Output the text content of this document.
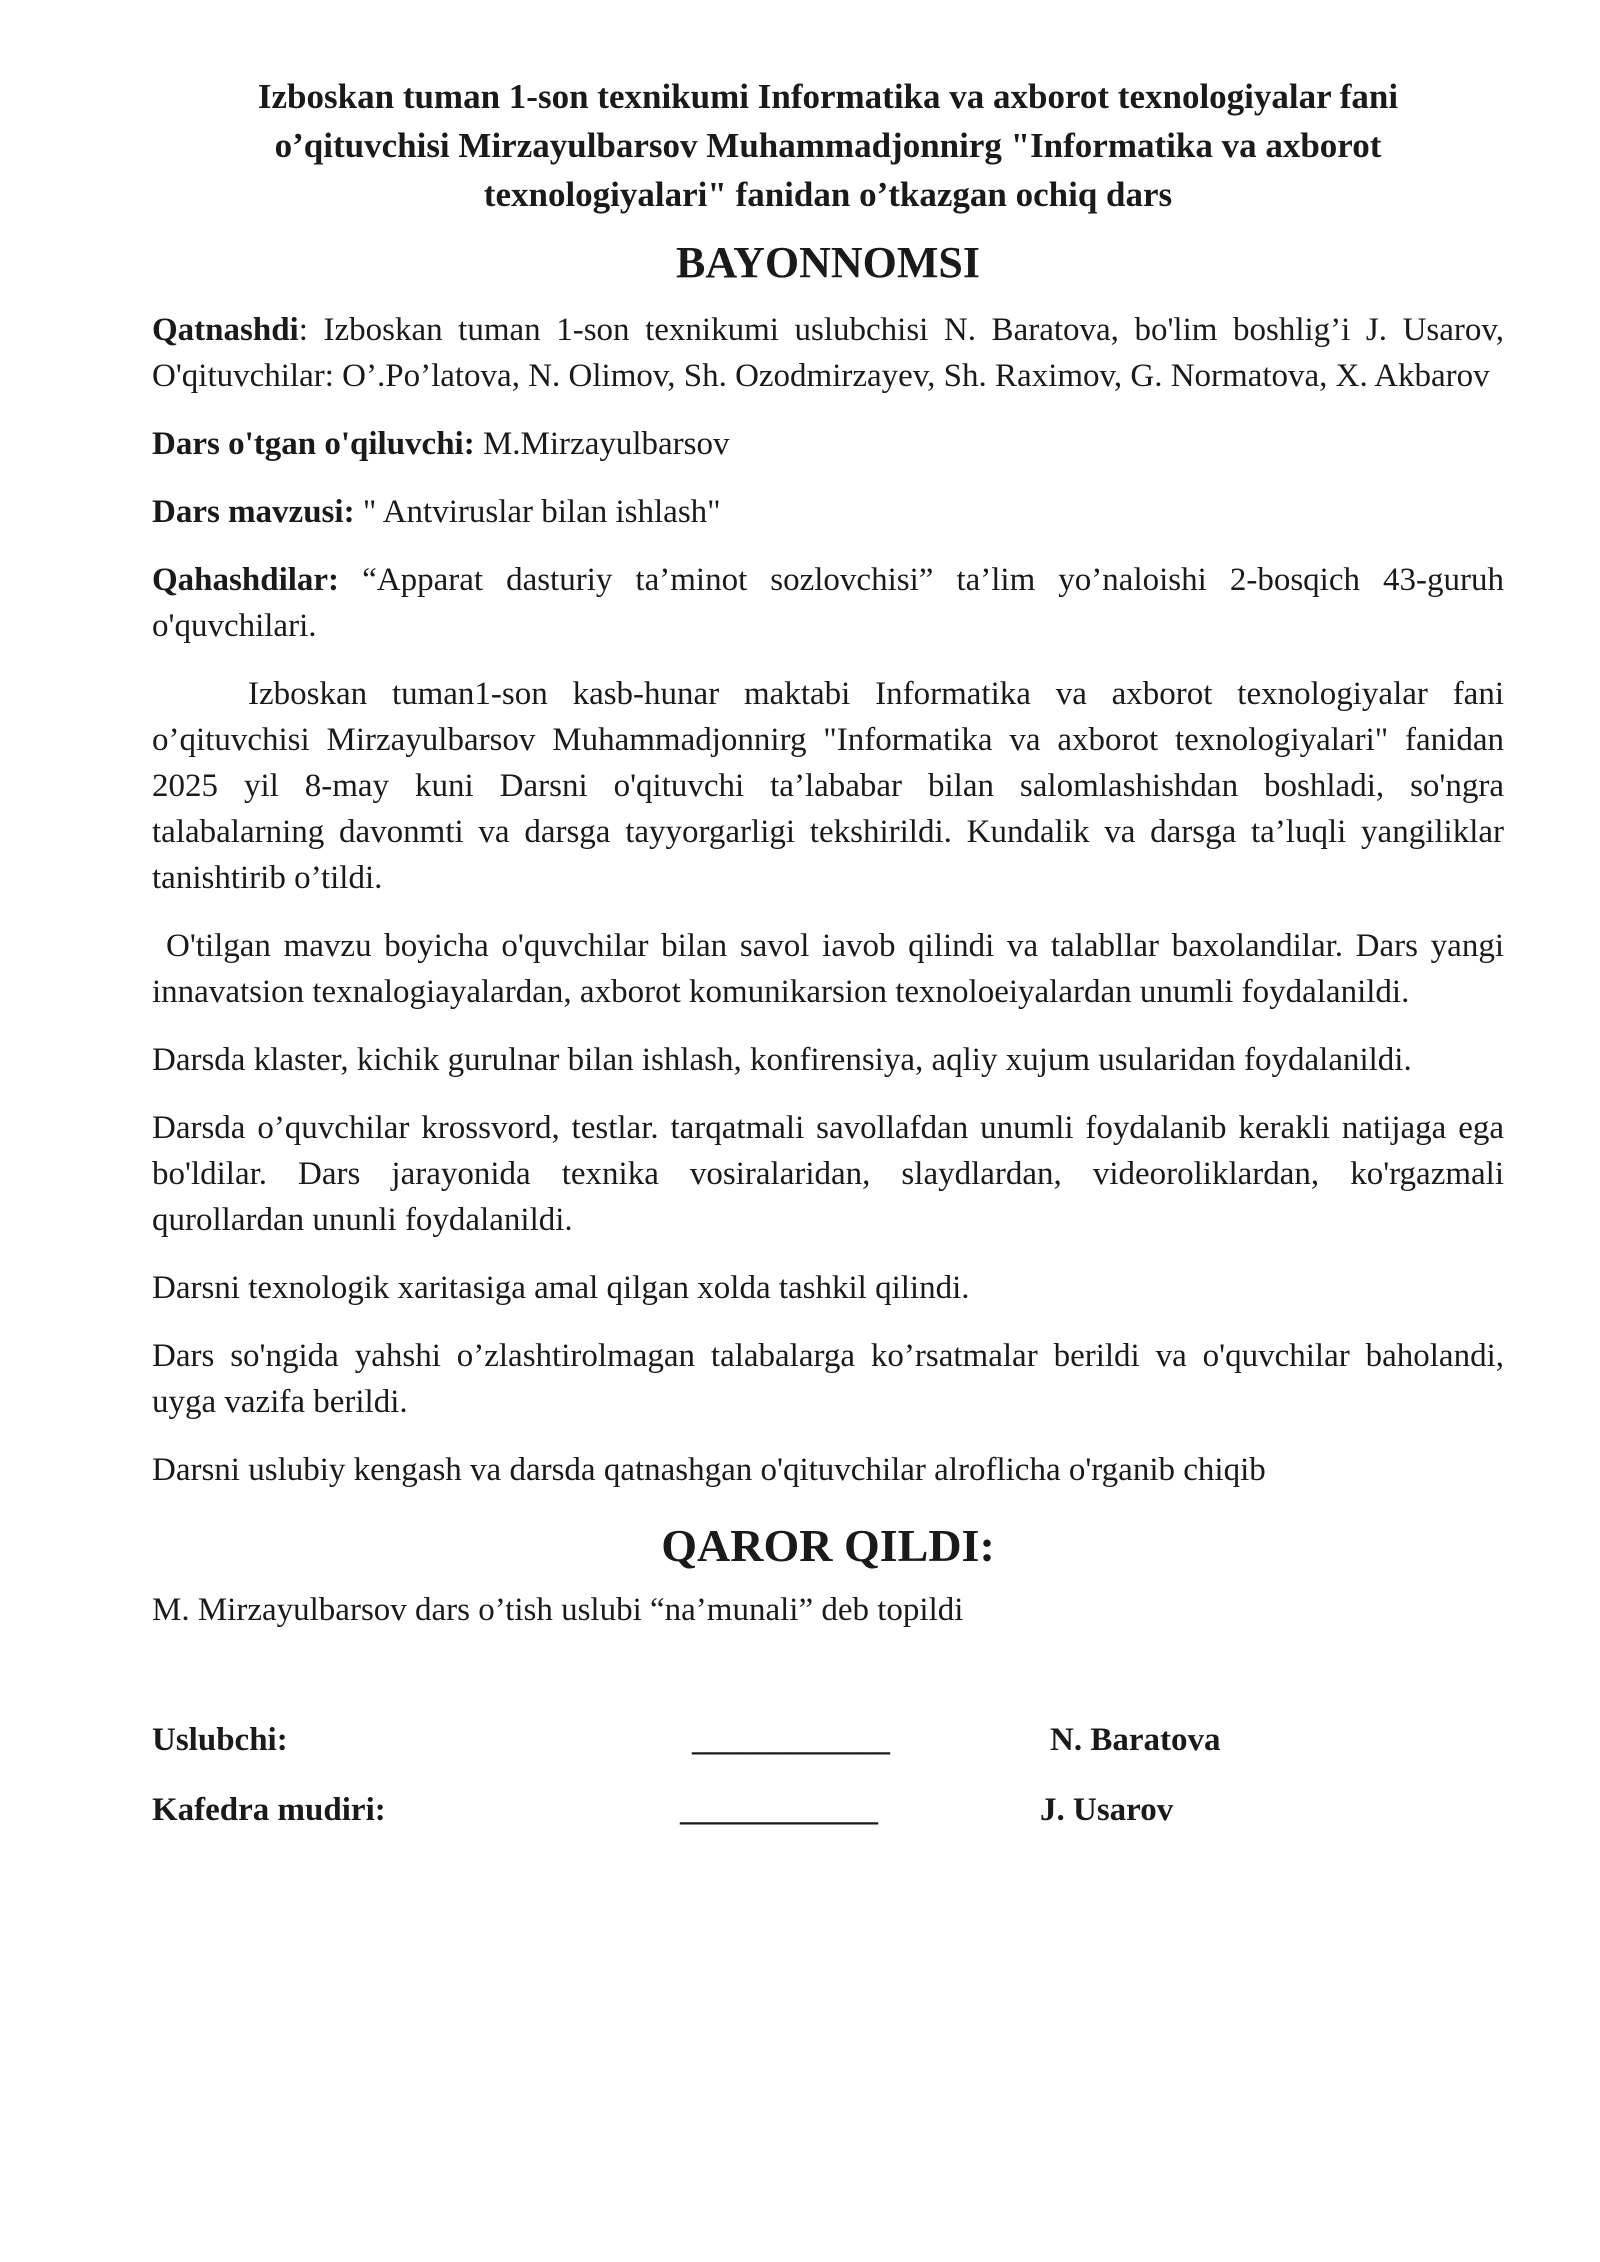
Izboskan tuman 1-son texnikumi Informatika va axborot texnologiyalar fani o’qituvchisi Mirzayulbarsov Muhammadjonnirg "Informatika va axborot texnologiyalari" fanidan o’tkazgan ochiq dars
BAYONNOMSI

Qatnashdi: Izboskan tuman 1-son texnikumi uslubchisi N. Baratova, bo'lim boshlig’i J. Usarov, O'qituvchilar: O’.Po’latova, N. Olimov, Sh. Ozodmirzayev, Sh. Raximov, G. Normatova, X. Akbarov

Dars o'tgan o'qiluvchi: M.Mirzayulbarsov

Dars mavzusi: " Antviruslar bilan ishlash"

Qahashdilar: “Apparat dasturiy ta’minot sozlovchisi” ta’lim yo’naloishi 2-bosqich 43-guruh o'quvchilari.

Izboskan tuman1-son kasb-hunar maktabi Informatika va axborot texnologiyalar fani o’qituvchisi Mirzayulbarsov Muhammadjonnirg "Informatika va axborot texnologiyalari" fanidan 2025 yil 8-may kuni Darsni o'qituvchi ta’lababar bilan salomlashishdan boshladi, so'ngra talabalarning davonmti va darsga tayyorgarligi tekshirildi. Kundalik va darsga ta’luqli yangiliklar tanishtirib o’tildi.

O'tilgan mavzu boyicha o'quvchilar bilan savol iavob qilindi va talabllar baxolandilar. Dars yangi innavatsion texnalogiayalardan, axborot komunikarsion texnoloeiyalardan unumli foydalanildi.

Darsda klaster, kichik gurulnar bilan ishlash, konfirensiya, aqliy xujum usularidan foydalanildi.

Darsda o’quvchilar krossvord, testlar. tarqatmali savollafdan unumli foydalanib kerakli natijaga ega bo'ldilar. Dars jarayonida texnika vosiralaridan, slaydlardan, videoroliklardan, ko'rgazmali qurollardan ununli foydalanildi.

Darsni texnologik xaritasiga amal qilgan xolda tashkil qilindi.

Dars so'ngida yahshi o’zlashtirolmagan talabalarga ko’rsatmalar berildi va o'quvchilar baholandi, uyga vazifa berildi.

Darsni uslubiy kengash va darsda qatnashgan o'qituvchilar alroflicha o'rganib chiqib

QAROR QILDI:

M. Mirzayulbarsov dars o’tish uslubi “na’munali” deb topildi

Uslubchi:	____________	N. Baratova
Kafedra mudiri:	____________	J. Usarov
